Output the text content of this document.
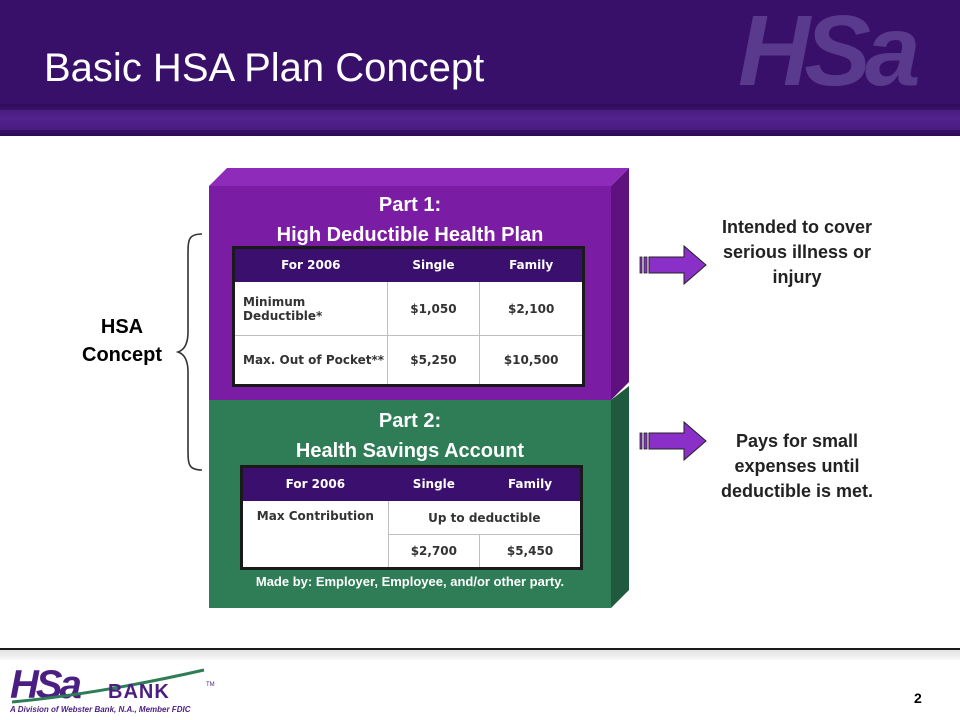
HSa
Basic HSA Plan Concept
HSA Concept
Part 1:
High Deductible Health Plan
For 2006	Single	Family
Minimum Deductible*	$1,050	$2,100
Max. Out of Pocket**	$5,250	$10,500
Part 2:
Health Savings Account
For 2006	Single	Family
Max Contribution	Up to deductible	
	$2,700	$5,450
Made by: Employer, Employee, and/or other party.
Intended to cover serious illness or injury
Pays for small expenses until deductible is met.
HSa BANK	TM
A Division of Webster Bank, N.A., Member FDIC
2
